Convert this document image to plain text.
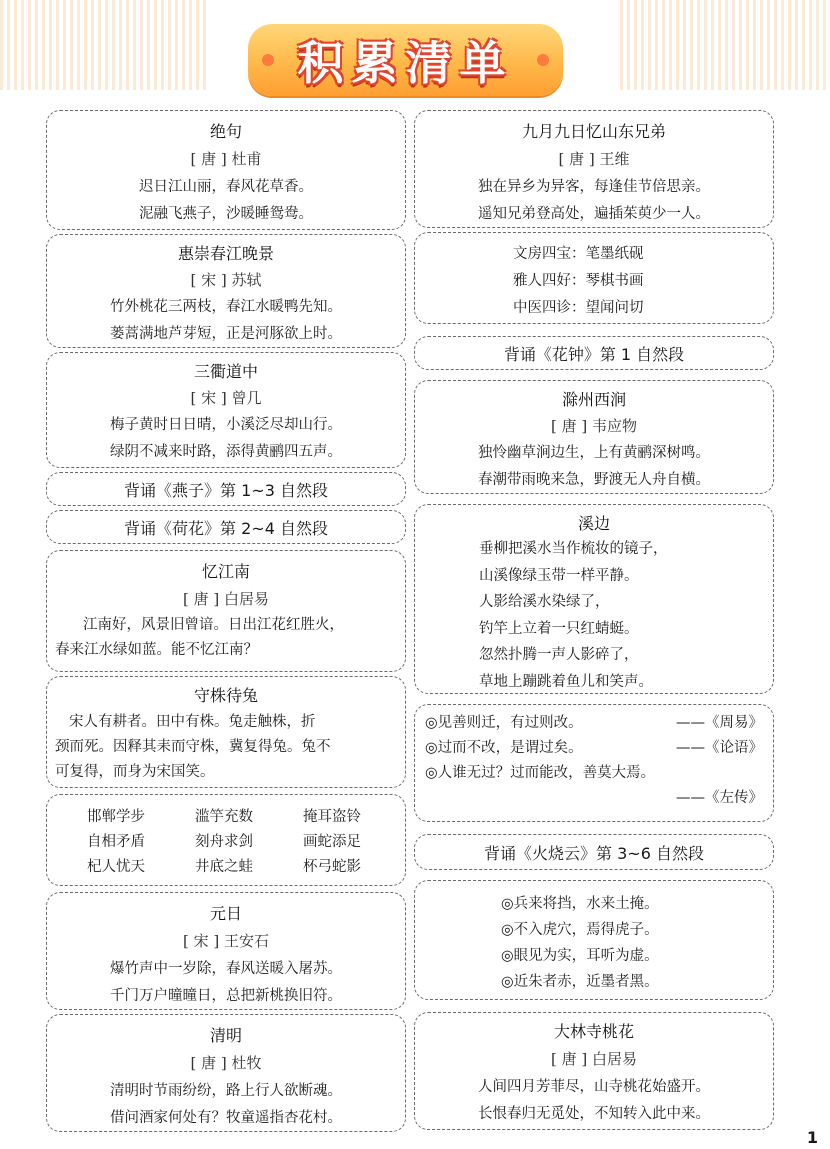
积累清单
绝句
[ 唐 ] 杜甫
迟日江山丽，春风花草香。
泥融飞燕子，沙暖睡鸳鸯。
惠崇春江晚景
[ 宋 ] 苏轼
竹外桃花三两枝，春江水暖鸭先知。
蒌蒿满地芦芽短，正是河豚欲上时。
三衢道中
[ 宋 ] 曾几
梅子黄时日日晴，小溪泛尽却山行。
绿阴不减来时路，添得黄鹂四五声。
背诵《燕子》第 1~3 自然段
背诵《荷花》第 2~4 自然段
忆江南
[ 唐 ] 白居易
江南好，风景旧曾谙。日出江花红胜火，
春来江水绿如蓝。能不忆江南？
守株待兔
宋人有耕者。田中有株。兔走触株，折
颈而死。因释其耒而守株，冀复得兔。兔不
可复得，而身为宋国笑。
邯郸学步	滥竽充数	掩耳盗铃
自相矛盾	刻舟求剑	画蛇添足
杞人忧天	井底之蛙	杯弓蛇影
元日
[ 宋 ] 王安石
爆竹声中一岁除，春风送暖入屠苏。
千门万户曈曈日，总把新桃换旧符。
清明
[ 唐 ] 杜牧
清明时节雨纷纷，路上行人欲断魂。
借问酒家何处有？牧童遥指杏花村。
九月九日忆山东兄弟
[ 唐 ] 王维
独在异乡为异客，每逢佳节倍思亲。
遥知兄弟登高处，遍插茱萸少一人。
文房四宝：笔墨纸砚
雅人四好：琴棋书画
中医四诊：望闻问切
背诵《花钟》第 1 自然段
滁州西涧
[ 唐 ] 韦应物
独怜幽草涧边生，上有黄鹂深树鸣。
春潮带雨晚来急，野渡无人舟自横。
溪边
垂柳把溪水当作梳妆的镜子，
山溪像绿玉带一样平静。
人影给溪水染绿了，
钓竿上立着一只红蜻蜓。
忽然扑腾一声人影碎了，
草地上蹦跳着鱼儿和笑声。
◎见善则迁，有过则改。	——《周易》
◎过而不改，是谓过矣。	——《论语》
◎人谁无过？过而能改，善莫大焉。
——《左传》
背诵《火烧云》第 3~6 自然段
◎兵来将挡，水来土掩。
◎不入虎穴，焉得虎子。
◎眼见为实，耳听为虚。
◎近朱者赤，近墨者黑。
大林寺桃花
[ 唐 ] 白居易
人间四月芳菲尽，山寺桃花始盛开。
长恨春归无觅处，不知转入此中来。
1
